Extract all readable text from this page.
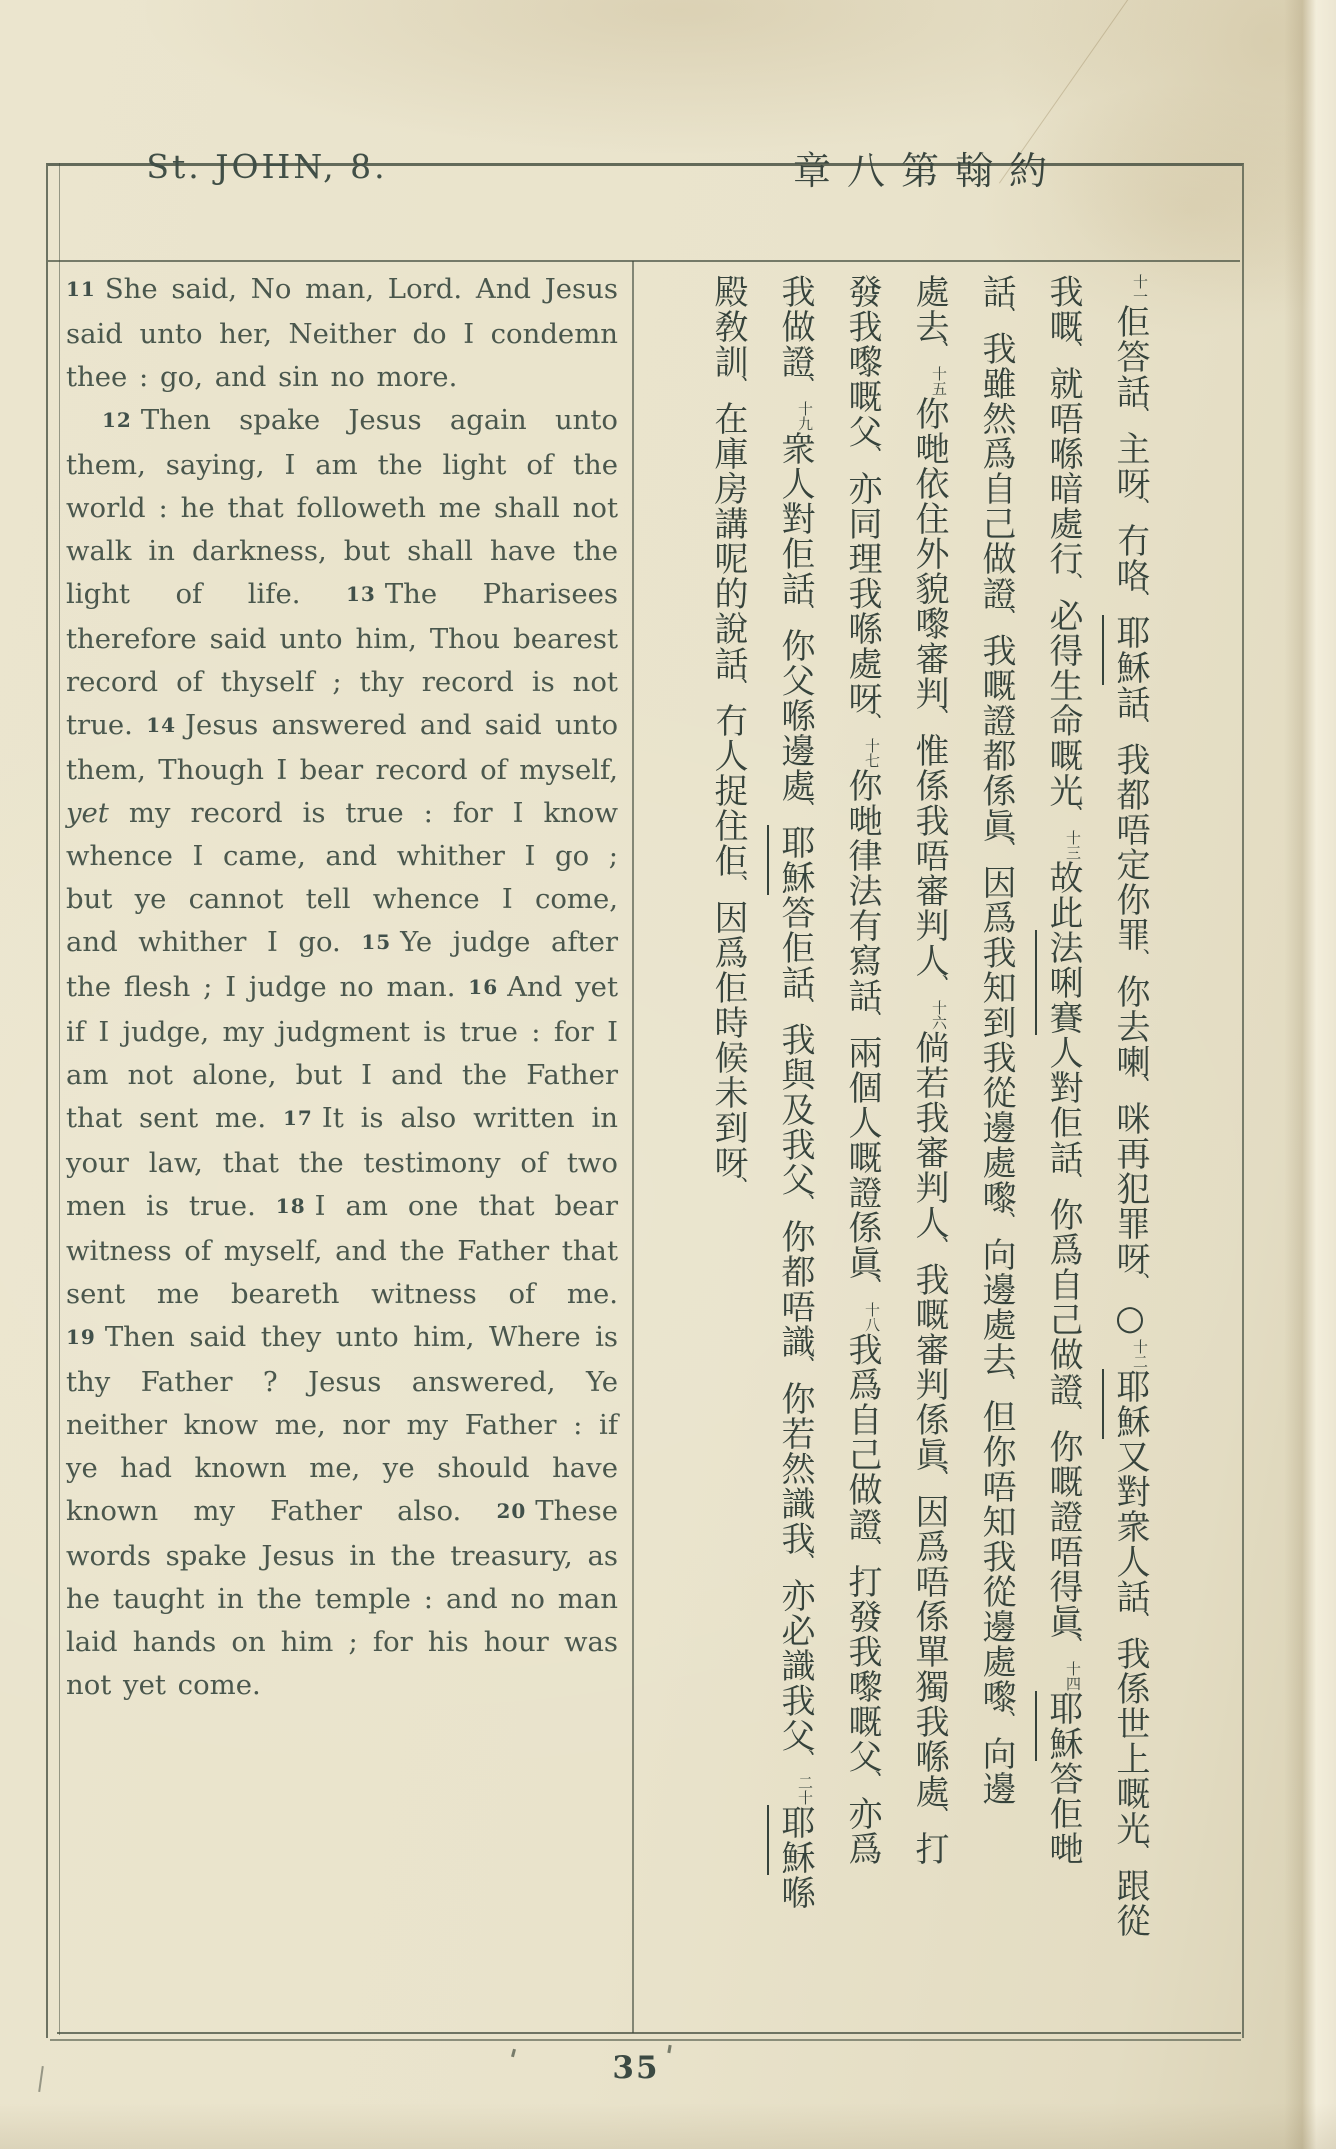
St. JOHN, 8.	章八第翰約

11 She said, No man, Lord. And Jesus said unto her, Neither do I condemn thee : go, and sin no more.

12 Then spake Jesus again unto them, saying, I am the light of the world : he that followeth me shall not walk in darkness, but shall have the light of life. 13 The Pharisees therefore said unto him, Thou bearest record of thyself ; thy record is not true. 14 Jesus answered and said unto them, Though I bear record of myself, yet my record is true : for I know whence I came, and whither I go ; but ye cannot tell whence I come, and whither I go. 15 Ye judge after the flesh ; I judge no man. 16 And yet if I judge, my judgment is true : for I am not alone, but I and the Father that sent me. 17 It is also written in your law, that the testimony of two men is true. 18 I am one that bear witness of myself, and the Father that sent me beareth witness of me. 19 Then said they unto him, Where is thy Father ? Jesus answered, Ye neither know me, nor my Father : if ye had known me, ye should have known my Father also. 20 These words spake Jesus in the treasury, as he taught in the temple : and no man laid hands on him ; for his hour was not yet come.

十一佢答話、主呀、冇咯、耶穌話、我都唔定你罪、你去喇、咪再犯罪呀、○十二耶穌又對衆人話、我係世上嘅光、跟從
我嘅、就唔喺暗處行、必得生命嘅光、十三故此法唎賽人對佢話、你爲自己做證、你嘅證唔得眞、十四耶穌答佢哋
話、我雖然爲自己做證、我嘅證都係眞、因爲我知到我從邊處嚟、向邊處去、但你唔知我從邊處嚟、向邊
處去、十五你哋依住外貌嚟審判、惟係我唔審判人、十六倘若我審判人、我嘅審判係眞、因爲唔係單獨我喺處、打
發我嚟嘅父、亦同理我喺處呀、十七你哋律法有寫話、兩個人嘅證係眞、十八我爲自己做證、打發我嚟嘅父、亦爲
我做證、十九衆人對佢話、你父喺邊處、耶穌答佢話、我與及我父、你都唔識、你若然識我、亦必識我父、二十耶穌喺
殿敎訓、在庫房講呢的說話、冇人捉住佢、因爲佢時候未到呀、
35
